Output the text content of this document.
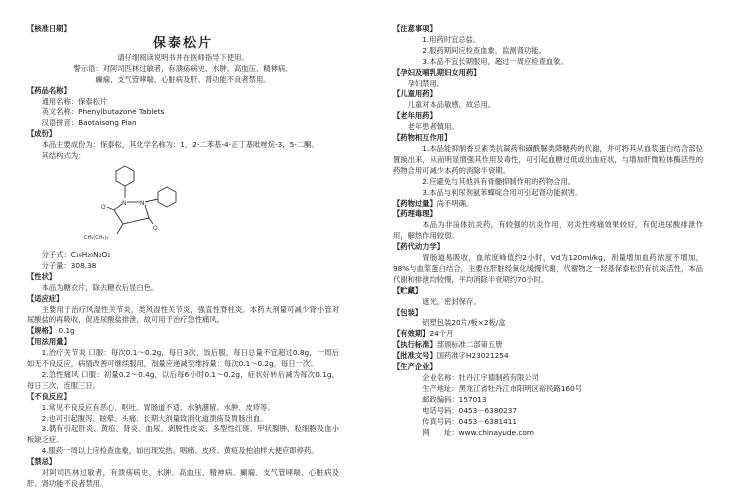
【核准日期】
保泰松片
请仔细阅读说明书并在医师指导下使用。
警示语：对阿司匹林过敏者，有溃疡病史、水肿、高血压、精神病、
癫痫、支气管哮喘、心脏病及肝、肾功能不良者禁用。
【药品名称】
通用名称：保泰松片
英文名称：Phenylbutazone Tablets
汉语拼音：Baotaisong Pian
【成份】
本品主要成份为：保泰松，其化学名称为：1，2-二苯基-4-正丁基吡唑烷-3，5-二酮。
其结构式为：
O
O
N N
CH₃(CH₂)₃
分子式：C₁₉H₂₀N₂O₂
分子量：308.38
【性状】
本品为糖衣片，除去糖衣后显白色。
【适应症】
主要用于治疗风湿性关节炎，类风湿性关节炎，强直性脊柱炎。本药大剂量可减少肾小管对尿酸盐的再吸收，促进尿酸盐排泄，故可用于治疗急性痛风。
【规格】 0.1g
【用法用量】
1.治疗关节炎 口服：每次0.1～0.2g，每日3次，饭后服，每日总量不宜超过0.8g，一周后如无不良反应，病情改善可继续服用，剂量应递减至维持量：每次0.1～0.2g，每日一次。
2.急性痛风 口服：初量0.2～0.4g，以后每6小时0.1～0.2g，症状好转后减为每次0.1g，每日三次，连服三日。
【不良反应】
1.常见不良反应有恶心、呕吐、胃肠道不适、水钠潴留、水肿、皮疹等。
2.也可引起腹泻、眩晕、头痛、长期大剂量致消化道溃疡及胃肠出血。
3.偶有引起肝炎、黄疸、肾炎、血尿、剥脱性皮炎、多型性红斑、甲状腺肿、粒细胞及血小板缺乏症。
4.服药一周以上应检查血象，如出现发热、咽痛、皮疹、黄疸及柏油样大便应即停药。
【禁忌】
对阿司匹林过敏者，有溃疡病史、水肿、高血压、精神病、癫痫、支气管哮喘、心脏病及肝、肾功能不良者禁用。
【注意事项】
1.用药时宜忌盐。
2.服药期间应检查血象，监测肾功能。
3.本品不宜长期服用，超过一周应检查血象。
【孕妇及哺乳期妇女用药】
孕妇禁用。
【儿童用药】
儿童对本品敏感，故忌用。
【老年用药】
老年患者慎用。
【药物相互作用】
1.本品能抑制香豆素类抗凝药和磺酰脲类降糖药的代谢，并可将其从血浆蛋白结合部位置换出来，从而明显增强其作用及毒性，可引起血糖过低或出血症状，与增加肝微粒体酶活性的药物合用可减少本药的消除半衰期。
2.应避免与其他具有骨髓抑制作用的药物合用。
3.本品与利尿剂氨苯蝶啶合用可引起肾功能损害。
【药物过量】尚不明确。
【药理毒理】
本品为非甾体抗炎药，有较强的抗炎作用，对炎性疼痛效果较好，有促进尿酸排泄作用，解热作用较弱。
【药代动力学】
胃肠道易吸收，血浓度峰值约2小时，Vd为120ml/kg，剂量增加血药浓度不增加，98%与血浆蛋白结合，主要在肝脏经氧化缓慢代谢，代谢物之一羟基保泰松仍有抗炎活性，本品代谢和排泄均较慢，平均消除半衰期约70小时。
【贮藏】
遮光，密封保存。
【包装】
铝塑包装20片/板×2板/盒
【有效期】24个月
【执行标准】部颁标准二部第五册
【批准文号】国药准字H23021254
【生产企业】
企业名称：牡丹江宇德制药有限公司
生产地址：黑龙江省牡丹江市阳明区裕民路160号
邮政编码：157013
电话号码：0453－6380237
传真号码：0453－6381411
网　　址：www.chinayude.com
